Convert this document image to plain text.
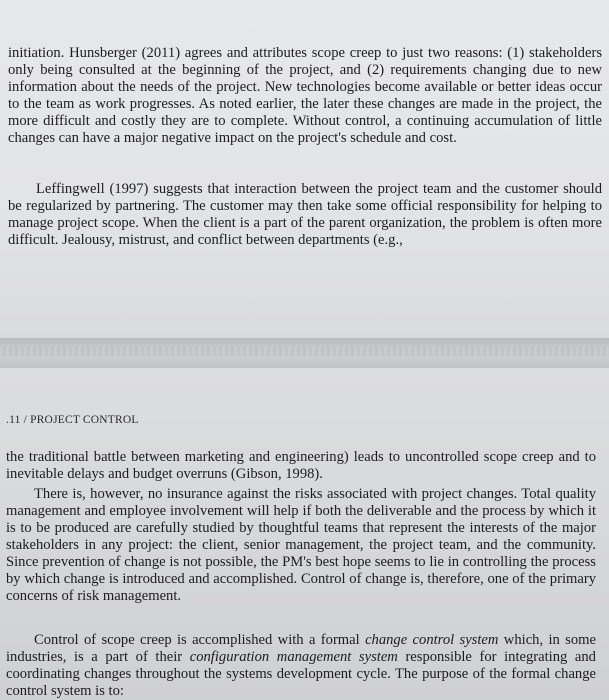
initiation. Hunsberger (2011) agrees and attributes scope creep to just two reasons: (1) stakeholders only being consulted at the beginning of the project, and (2) requirements changing due to new information about the needs of the project. New technologies become available or better ideas occur to the team as work progresses. As noted earlier, the later these changes are made in the project, the more difficult and costly they are to complete. Without control, a continuing accumulation of little changes can have a major negative impact on the project's schedule and cost.

Leffingwell (1997) suggests that interaction between the project team and the customer should be regularized by partnering. The customer may then take some official responsibility for helping to manage project scope. When the client is a part of the parent organization, the problem is often more difficult. Jealousy, mistrust, and conflict between departments (e.g.,

.11 / PROJECT CONTROL

the traditional battle between marketing and engineering) leads to uncontrolled scope creep and to inevitable delays and budget overruns (Gibson, 1998).

There is, however, no insurance against the risks associated with project changes. Total quality management and employee involvement will help if both the deliverable and the process by which it is to be produced are carefully studied by thoughtful teams that represent the interests of the major stakeholders in any project: the client, senior management, the project team, and the community. Since prevention of change is not possible, the PM's best hope seems to lie in controlling the process by which change is introduced and accomplished. Control of change is, therefore, one of the primary concerns of risk management.

Control of scope creep is accomplished with a formal change control system which, in some industries, is a part of their configuration management system responsible for integrating and coordinating changes throughout the systems development cycle. The purpose of the formal change control system is to:
